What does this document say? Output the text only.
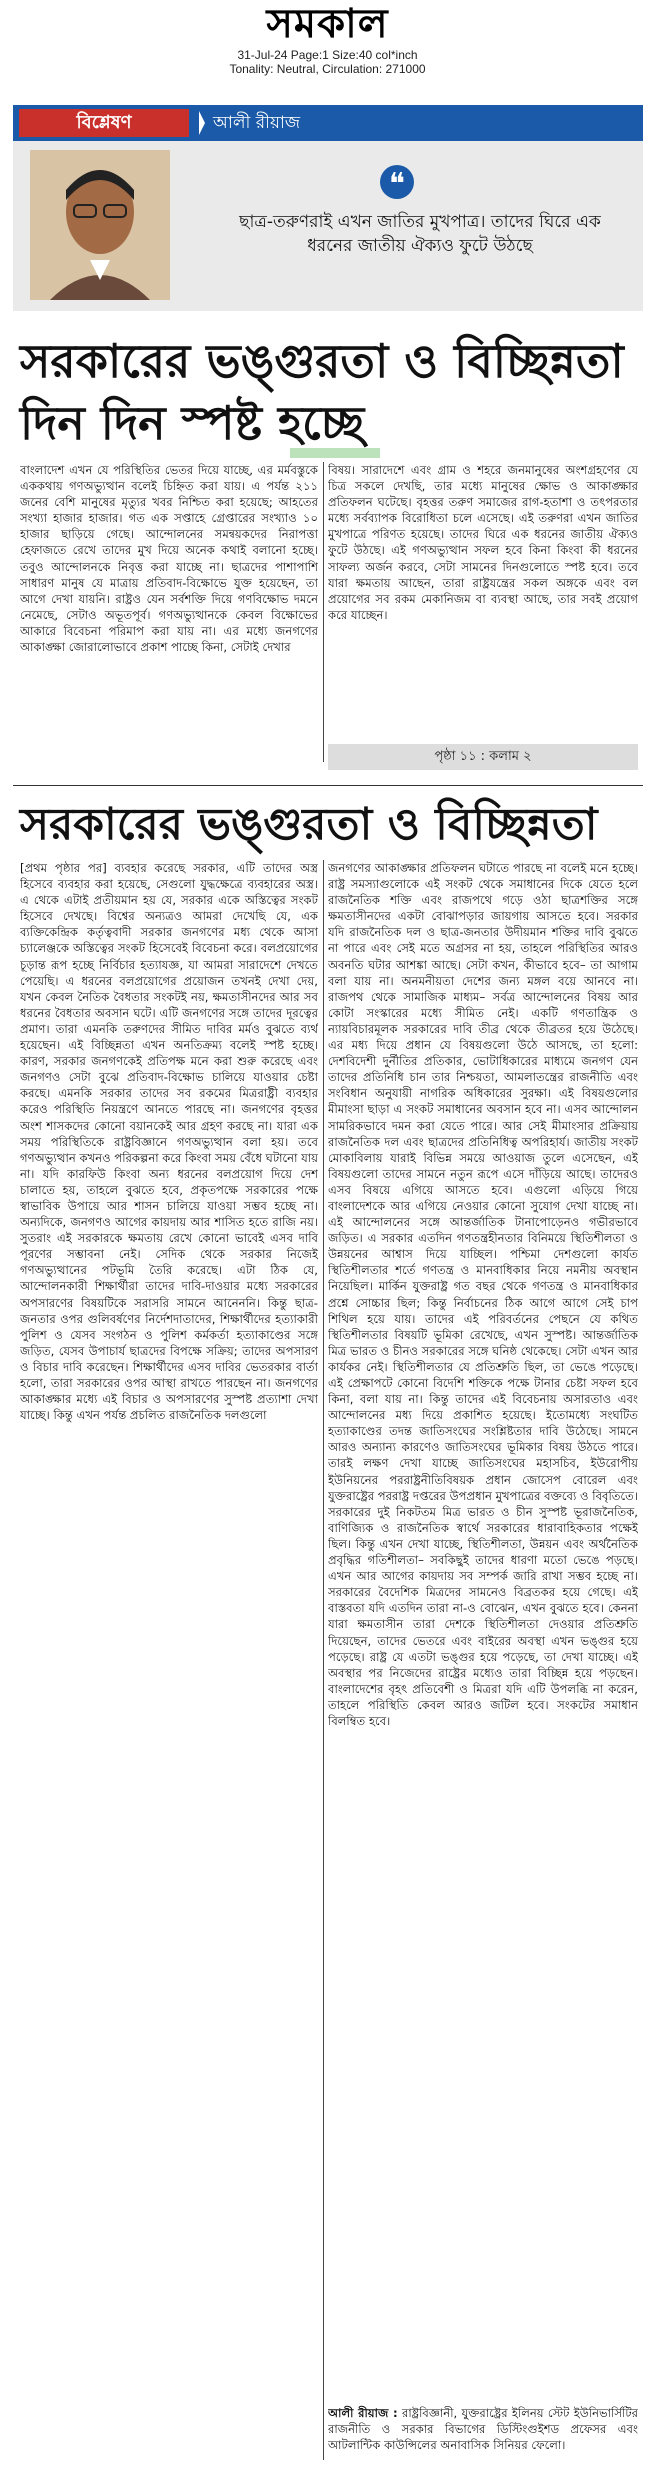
সমকাল
31-Jul-24 Page:1 Size:40 col*inch
Tonality: Neutral, Circulation: 271000
বিশ্লেষণ	আলী রীয়াজ
❝
ছাত্র-তরুণরাই এখন জাতির মুখপাত্র। তাদের ঘিরে এক ধরনের জাতীয় ঐক্যও ফুটে উঠছে
সরকারের ভঙ্গুরতা ও বিচ্ছিন্নতা দিন দিন স্পষ্ট হচ্ছে

বাংলাদেশ এখন যে পরিস্থিতির ভেতর দিয়ে যাচ্ছে, এর মর্মবস্তুকে এককথায় গণঅভ্যুত্থান বলেই চিহ্নিত করা যায়। এ পর্যন্ত ২১১ জনের বেশি মানুষের মৃত্যুর খবর নিশ্চিত করা হয়েছে; আহতের সংখ্যা হাজার হাজার। গত এক সপ্তাহে গ্রেপ্তারের সংখ্যাও ১০ হাজার ছাড়িয়ে গেছে। আন্দোলনের সমন্বয়কদের নিরাপত্তা হেফাজতে রেখে তাদের মুখ দিয়ে অনেক কথাই বলানো হচ্ছে। তবুও আন্দোলনকে নিবৃত্ত করা যাচ্ছে না। ছাত্রদের পাশাপাশি সাধারণ মানুষ যে মাত্রায় প্রতিবাদ-বিক্ষোভে যুক্ত হয়েছেন, তা আগে দেখা যায়নি। রাষ্ট্রও যেন সর্বশক্তি দিয়ে গণবিক্ষোভ দমনে নেমেছে, সেটাও অভূতপূর্ব। গণঅভ্যুত্থানকে কেবল বিক্ষোভের আকারে বিবেচনা পরিমাপ করা যায় না। এর মধ্যে জনগণের আকাঙ্ক্ষা জোরালোভাবে প্রকাশ পাচ্ছে কিনা, সেটাই দেখার

বিষয়। সারাদেশে এবং গ্রাম ও শহরে জনমানুষের অংশগ্রহণের যে চিত্র সকলে দেখছি, তার মধ্যে মানুষের ক্ষোভ ও আকাঙ্ক্ষার প্রতিফলন ঘটেছে। বৃহত্তর তরুণ সমাজের রাগ-হতাশা ও তৎপরতার মধ্যে সর্বব্যাপক বিরোধিতা চলে এসেছে। এই তরুণরা এখন জাতির মুখপাত্রে পরিণত হয়েছে। তাদের ঘিরে এক ধরনের জাতীয় ঐক্যও ফুটে উঠছে। এই গণঅভ্যুত্থান সফল হবে কিনা কিংবা কী ধরনের সাফল্য অর্জন করবে, সেটা সামনের দিনগুলোতে স্পষ্ট হবে। তবে যারা ক্ষমতায় আছেন, তারা রাষ্ট্রযন্ত্রের সকল অঙ্গকে এবং বল প্রয়োগের সব রকম মেকানিজম বা ব্যবস্থা আছে, তার সবই প্রয়োগ করে যাচ্ছেন।

পৃষ্ঠা ১১ : কলাম ২
সরকারের ভঙ্গুরতা ও বিচ্ছিন্নতা

[প্রথম পৃষ্ঠার পর] ব্যবহার করেছে সরকার, এটি তাদের অস্ত্র হিসেবে ব্যবহার করা হয়েছে, সেগুলো যুদ্ধক্ষেত্রে ব্যবহারের অস্ত্র। এ থেকে এটাই প্রতীয়মান হয় যে, সরকার একে অস্তিত্বের সংকট হিসেবে দেখছে। বিশ্বের অন্যত্রও আমরা দেখেছি যে, এক ব্যক্তিকেন্দ্রিক কর্তৃত্ববাদী সরকার জনগণের মধ্য থেকে আসা চ্যালেঞ্জকে অস্তিত্বের সংকট হিসেবেই বিবেচনা করে। বলপ্রয়োগের চূড়ান্ত রূপ হচ্ছে নির্বিচার হত্যাযজ্ঞ, যা আমরা সারাদেশে দেখতে পেয়েছি। এ ধরনের বলপ্রয়োগের প্রয়োজন তখনই দেখা দেয়, যখন কেবল নৈতিক বৈধতার সংকটই নয়, ক্ষমতাসীনদের আর সব ধরনের বৈধতার অবসান ঘটে। এটি জনগণের সঙ্গে তাদের দূরত্বের প্রমাণ। তারা এমনকি তরুণদের সীমিত দাবির মর্মও বুঝতে ব্যর্থ হয়েছেন। এই বিচ্ছিন্নতা এখন অনতিক্রম্য বলেই স্পষ্ট হচ্ছে। কারণ, সরকার জনগণকেই প্রতিপক্ষ মনে করা শুরু করেছে এবং জনগণও সেটা বুঝে প্রতিবাদ-বিক্ষোভ চালিয়ে যাওয়ার চেষ্টা করছে। এমনকি সরকার তাদের সব রকমের মিত্ররাষ্ট্রী ব্যবহার করেও পরিস্থিতি নিয়ন্ত্রণে আনতে পারছে না। জনগণের বৃহত্তর অংশ শাসকদের কোনো বয়ানকেই আর গ্রহণ করছে না। যারা এক সময় পরিস্থিতিকে রাষ্ট্রবিজ্ঞানে গণঅভ্যুত্থান বলা হয়। তবে গণঅভ্যুত্থান কখনও পরিকল্পনা করে কিংবা সময় বেঁধে ঘটানো যায় না। যদি কারফিউ কিংবা অন্য ধরনের বলপ্রয়োগ দিয়ে দেশ চালাতে হয়, তাহলে বুঝতে হবে, প্রকৃতপক্ষে সরকারের পক্ষে স্বাভাবিক উপায়ে আর শাসন চালিয়ে যাওয়া সম্ভব হচ্ছে না। অন্যদিকে, জনগণও আগের কায়দায় আর শাসিত হতে রাজি নয়। সুতরাং এই সরকারকে ক্ষমতায় রেখে কোনো ভাবেই এসব দাবি পূরণের সম্ভাবনা নেই। সেদিক থেকে সরকার নিজেই গণঅভ্যুত্থানের পটভূমি তৈরি করেছে। এটা ঠিক যে, আন্দোলনকারী শিক্ষার্থীরা তাদের দাবি-দাওয়ার মধ্যে সরকারের অপসারণের বিষয়টিকে সরাসরি সামনে আনেননি। কিন্তু ছাত্র-জনতার ওপর গুলিবর্ষণের নির্দেশদাতাদের, শিক্ষার্থীদের হত্যাকারী পুলিশ ও যেসব সংগঠন ও পুলিশ কর্মকর্তা হত্যাকাণ্ডের সঙ্গে জড়িত, যেসব উপাচার্য ছাত্রদের বিপক্ষে সক্রিয়; তাদের অপসারণ ও বিচার দাবি করেছেন। শিক্ষার্থীদের এসব দাবির ভেতরকার বার্তা হলো, তারা সরকারের ওপর আস্থা রাখতে পারছেন না। জনগণের আকাঙ্ক্ষার মধ্যে এই বিচার ও অপসারণের সুস্পষ্ট প্রত্যাশা দেখা যাচ্ছে। কিন্তু এখন পর্যন্ত প্রচলিত রাজনৈতিক দলগুলো

জনগণের আকাঙ্ক্ষার প্রতিফলন ঘটাতে পারছে না বলেই মনে হচ্ছে। রাষ্ট্র সমস্যাগুলোকে এই সংকট থেকে সমাধানের দিকে যেতে হলে রাজনৈতিক শক্তি এবং রাজপথে গড়ে ওঠা ছাত্রশক্তির সঙ্গে ক্ষমতাসীনদের একটা বোঝাপড়ার জায়গায় আসতে হবে। সরকার যদি রাজনৈতিক দল ও ছাত্র-জনতার উদীয়মান শক্তির দাবি বুঝতে না পারে এবং সেই মতে অগ্রসর না হয়, তাহলে পরিস্থিতির আরও অবনতি ঘটার আশঙ্কা আছে। সেটা কখন, কীভাবে হবে– তা আগাম বলা যায় না। অনমনীয়তা দেশের জন্য মঙ্গল বয়ে আনবে না। রাজপথ থেকে সামাজিক মাধ্যম– সর্বত্র আন্দোলনের বিষয় আর কোটা সংস্কারের মধ্যে সীমিত নেই। একটি গণতান্ত্রিক ও ন্যায়বিচারমূলক সরকারের দাবি তীব্র থেকে তীব্রতর হয়ে উঠেছে। এর মধ্য দিয়ে প্রধান যে বিষয়গুলো উঠে আসছে, তা হলো: দেশবিদেশী দুর্নীতির প্রতিকার, ভোটাধিকারের মাধ্যমে জনগণ যেন তাদের প্রতিনিধি চান তার নিশ্চয়তা, আমলাতন্ত্রের রাজনীতি এবং সংবিধান অনুযায়ী নাগরিক অধিকারের সুরক্ষা। এই বিষয়গুলোর মীমাংসা ছাড়া এ সংকট সমাধানের অবসান হবে না। এসব আন্দোলন সামরিকভাবে দমন করা যেতে পারে। আর সেই মীমাংসার প্রক্রিয়ায় রাজনৈতিক দল এবং ছাত্রদের প্রতিনিধিত্ব অপরিহার্য। জাতীয় সংকট মোকাবিলায় যারাই বিভিন্ন সময়ে আওয়াজ তুলে এসেছেন, এই বিষয়গুলো তাদের সামনে নতুন রূপে এসে দাঁড়িয়ে আছে। তাদেরও এসব বিষয়ে এগিয়ে আসতে হবে। এগুলো এড়িয়ে গিয়ে বাংলাদেশকে আর এগিয়ে নেওয়ার কোনো সুযোগ দেখা যাচ্ছে না। এই আন্দোলনের সঙ্গে আন্তর্জাতিক টানাপোড়েনও গভীরভাবে জড়িত। এ সরকার এতদিন গণতন্ত্রহীনতার বিনিময়ে স্থিতিশীলতা ও উন্নয়নের আশ্বাস দিয়ে যাচ্ছিল। পশ্চিমা দেশগুলো কার্যত স্থিতিশীলতার শর্তে গণতন্ত্র ও মানবাধিকার নিয়ে নমনীয় অবস্থান নিয়েছিল। মার্কিন যুক্তরাষ্ট্র গত বছর থেকে গণতন্ত্র ও মানবাধিকার প্রশ্নে সোচ্চার ছিল; কিন্তু নির্বাচনের ঠিক আগে আগে সেই চাপ শিথিল হয়ে যায়। তাদের এই পরিবর্তনের পেছনে যে কথিত স্থিতিশীলতার বিষয়টি ভূমিকা রেখেছে, এখন সুস্পষ্ট। আন্তর্জাতিক মিত্র ভারত ও চীনও সরকারের সঙ্গে ঘনিষ্ঠ থেকেছে। সেটা এখন আর কার্যকর নেই। স্থিতিশীলতার যে প্রতিশ্রুতি ছিল, তা ভেঙে পড়েছে। এই প্রেক্ষাপটে কোনো বিদেশি শক্তিকে পক্ষে টানার চেষ্টা সফল হবে কিনা, বলা যায় না। কিন্তু তাদের এই বিবেচনায় অসারতাও এবং আন্দোলনের মধ্য দিয়ে প্রকাশিত হয়েছে। ইতোমধ্যে সংঘটিত হত্যাকাণ্ডের তদন্ত জাতিসংঘের সংশ্লিষ্টতার দাবি উঠেছে। সামনে আরও অন্যান্য কারণেও জাতিসংঘের ভূমিকার বিষয় উঠতে পারে। তারই লক্ষণ দেখা যাচ্ছে জাতিসংঘের মহাসচিব, ইউরোপীয় ইউনিয়নের পররাষ্ট্রনীতিবিষয়ক প্রধান জোসেপ বোরেল এবং যুক্তরাষ্ট্রের পররাষ্ট্র দপ্তরের উপপ্রধান মুখপাত্রের বক্তব্যে ও বিবৃতিতে। সরকারের দুই নিকটতম মিত্র ভারত ও চীন সুস্পষ্ট ভূরাজনৈতিক, বাণিজ্যিক ও রাজনৈতিক স্বার্থে সরকারের ধারাবাহিকতার পক্ষেই ছিল। কিন্তু এখন দেখা যাচ্ছে, স্থিতিশীলতা, উন্নয়ন এবং অর্থনৈতিক প্রবৃদ্ধির গতিশীলতা– সবকিছুই তাদের ধারণা মতো ভেঙে পড়ছে। এখন আর আগের কায়দায় সব সম্পর্ক জারি রাখা সম্ভব হচ্ছে না। সরকারের বৈদেশিক মিত্রদের সামনেও বিব্রতকর হয়ে গেছে। এই বাস্তবতা যদি এতদিন তারা না-ও বোঝেন, এখন বুঝতে হবে। কেননা যারা ক্ষমতাসীন তারা দেশকে স্থিতিশীলতা দেওয়ার প্রতিশ্রুতি দিয়েছেন, তাদের ভেতরে এবং বাইরের অবস্থা এখন ভঙ্গুর হয়ে পড়েছে। রাষ্ট্র যে এতটা ভঙ্গুর হয়ে পড়েছে, তা দেখা যাচ্ছে। এই অবস্থার পর নিজেদের রাষ্ট্রের মধ্যেও তারা বিচ্ছিন্ন হয়ে পড়ছেন। বাংলাদেশের বৃহৎ প্রতিবেশী ও মিত্ররা যদি এটি উপলব্ধি না করেন, তাহলে পরিস্থিতি কেবল আরও জটিল হবে। সংকটের সমাধান বিলম্বিত হবে।

আলী রীয়াজ : রাষ্ট্রবিজ্ঞানী, যুক্তরাষ্ট্রের ইলিনয় স্টেট ইউনিভার্সিটির রাজনীতি ও সরকার বিভাগের ডিস্টিংগুইশড প্রফেসর এবং আটলান্টিক কাউন্সিলের অনাবাসিক সিনিয়র ফেলো।
